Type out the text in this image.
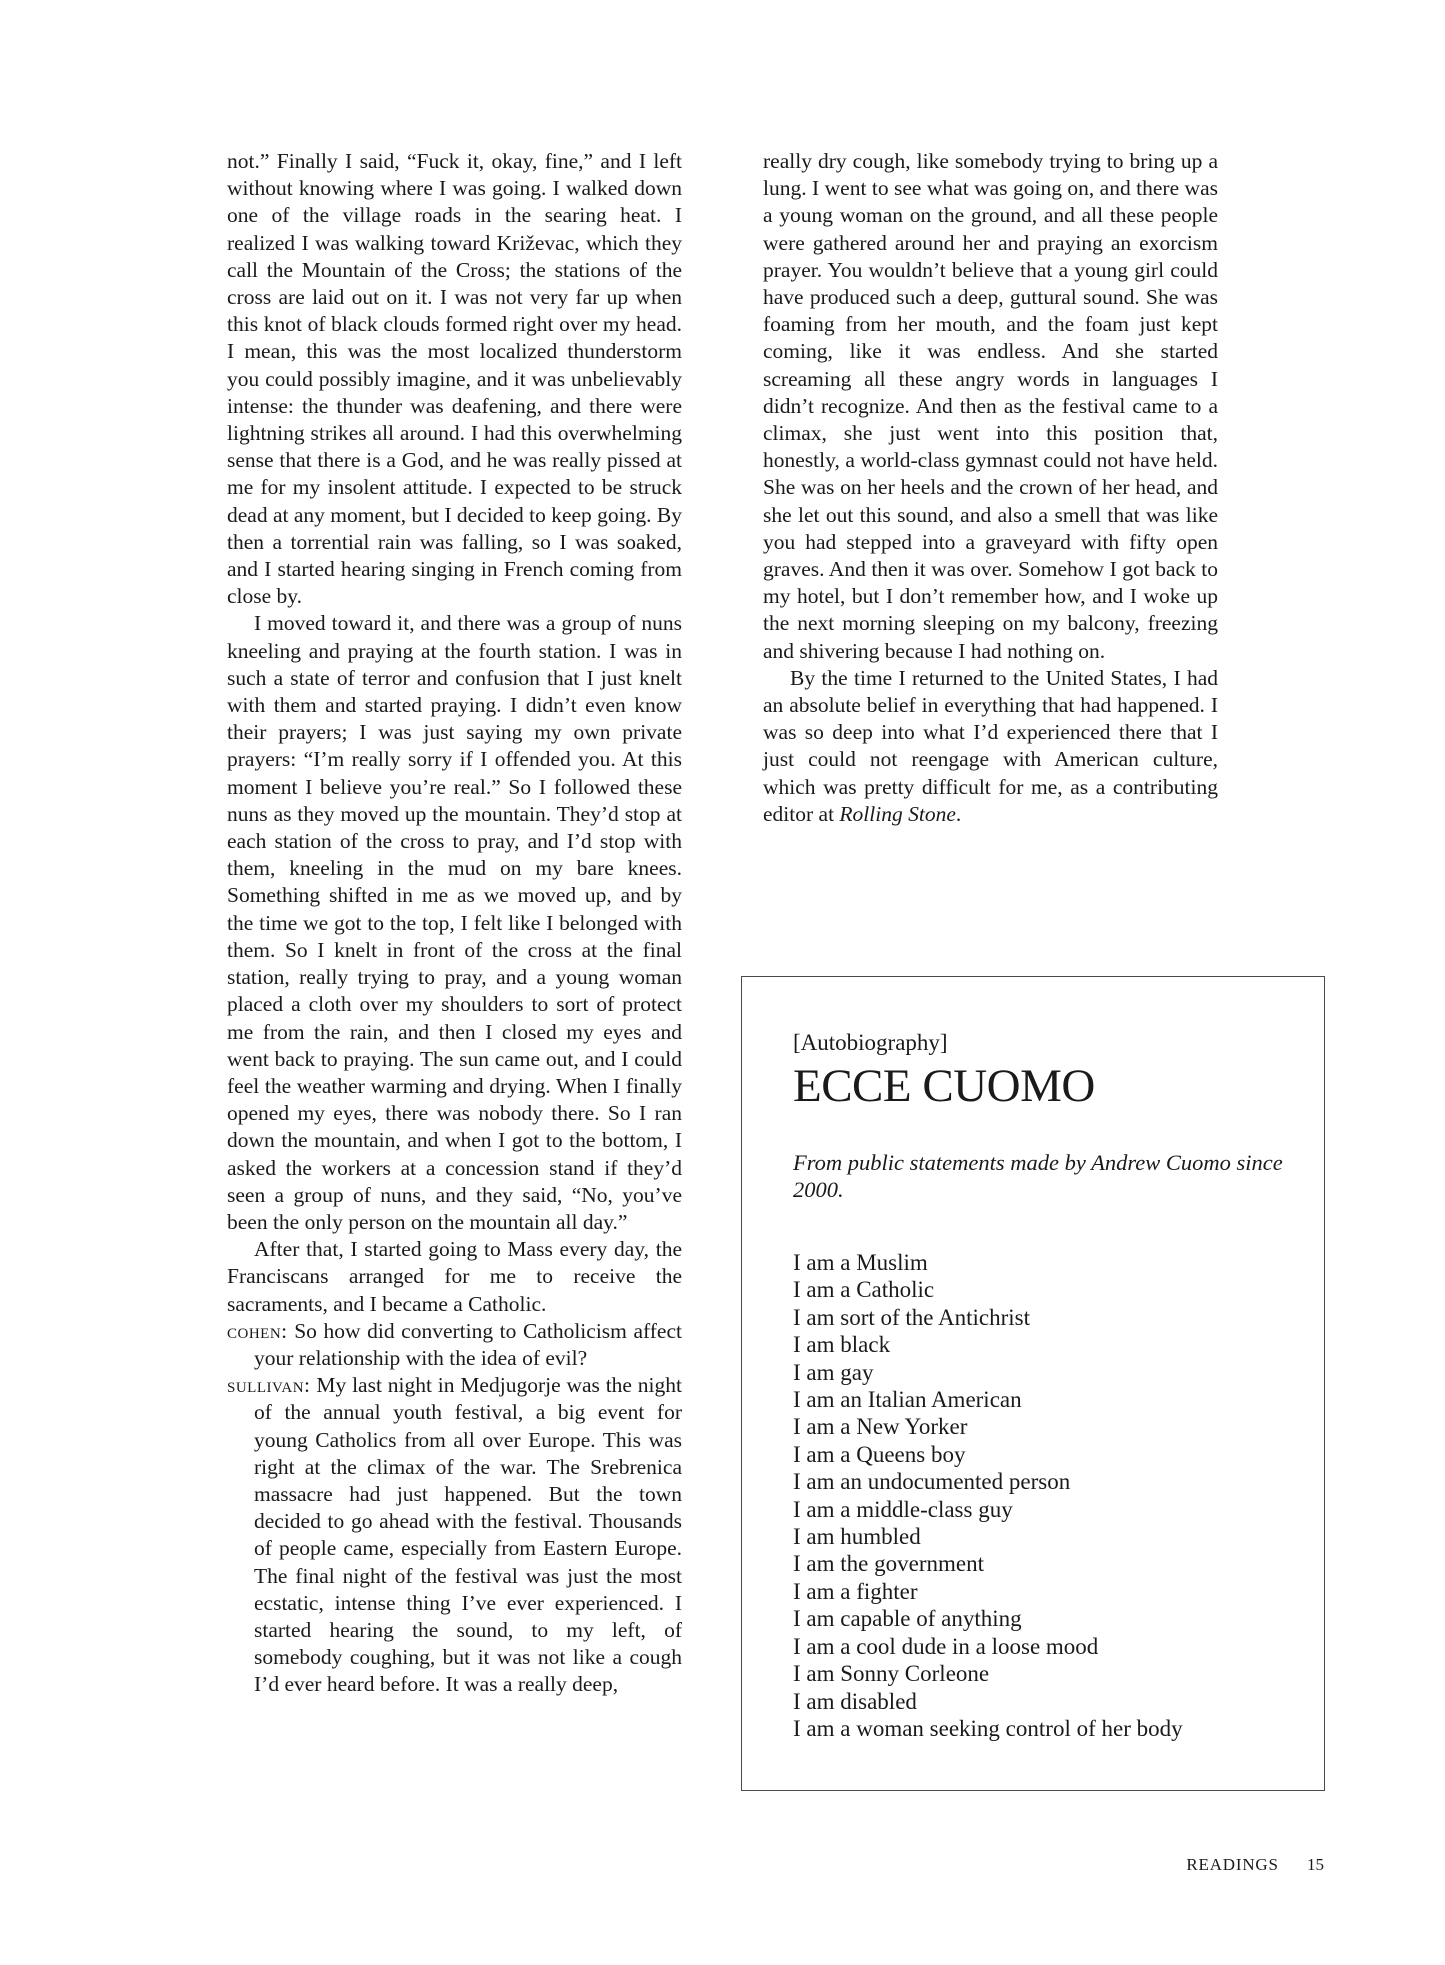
not.” Finally I said, “Fuck it, okay, fine,” and I left without knowing where I was going. I walked down one of the village roads in the searing heat. I realized I was walking toward Križevac, which they call the Mountain of the Cross; the stations of the cross are laid out on it. I was not very far up when this knot of black clouds formed right over my head. I mean, this was the most localized thunderstorm you could possibly imagine, and it was unbelievably intense: the thunder was deafening, and there were lightning strikes all around. I had this overwhelming sense that there is a God, and he was really pissed at me for my insolent attitude. I expected to be struck dead at any moment, but I decided to keep going. By then a torrential rain was falling, so I was soaked, and I started hearing singing in French coming from close by.

I moved toward it, and there was a group of nuns kneeling and praying at the fourth station. I was in such a state of terror and confusion that I just knelt with them and started praying. I didn’t even know their prayers; I was just saying my own private prayers: “I’m really sorry if I offended you. At this moment I believe you’re real.” So I followed these nuns as they moved up the mountain. They’d stop at each station of the cross to pray, and I’d stop with them, kneeling in the mud on my bare knees. Something shifted in me as we moved up, and by the time we got to the top, I felt like I belonged with them. So I knelt in front of the cross at the final station, really trying to pray, and a young woman placed a cloth over my shoulders to sort of protect me from the rain, and then I closed my eyes and went back to praying. The sun came out, and I could feel the weather warming and drying. When I finally opened my eyes, there was nobody there. So I ran down the mountain, and when I got to the bottom, I asked the workers at a concession stand if they’d seen a group of nuns, and they said, “No, you’ve been the only person on the mountain all day.”

After that, I started going to Mass every day, the Franciscans arranged for me to receive the sacraments, and I became a Catholic.

cohen: So how did converting to Catholicism affect your relationship with the idea of evil?

sullivan: My last night in Medjugorje was the night of the annual youth festival, a big event for young Catholics from all over Europe. This was right at the climax of the war. The Srebrenica massacre had just happened. But the town decided to go ahead with the festival. Thousands of people came, especially from Eastern Europe. The final night of the festival was just the most ecstatic, intense thing I’ve ever experienced. I started hearing the sound, to my left, of somebody coughing, but it was not like a cough I’d ever heard before. It was a really deep,

really dry cough, like somebody trying to bring up a lung. I went to see what was going on, and there was a young woman on the ground, and all these people were gathered around her and praying an exorcism prayer. You wouldn’t believe that a young girl could have produced such a deep, guttural sound. She was foaming from her mouth, and the foam just kept coming, like it was endless. And she started screaming all these angry words in languages I didn’t recognize. And then as the festival came to a climax, she just went into this position that, honestly, a world-class gymnast could not have held. She was on her heels and the crown of her head, and she let out this sound, and also a smell that was like you had stepped into a graveyard with fifty open graves. And then it was over. Somehow I got back to my hotel, but I don’t remember how, and I woke up the next morning sleeping on my balcony, freezing and shivering because I had nothing on.

By the time I returned to the United States, I had an absolute belief in everything that had happened. I was so deep into what I’d experienced there that I just could not reengage with American culture, which was pretty difficult for me, as a contributing editor at Rolling Stone.

[Autobiography]
ECCE CUOMO
From public statements made by Andrew Cuomo since 2000.
I am a Muslim
I am a Catholic
I am sort of the Antichrist
I am black
I am gay
I am an Italian American
I am a New Yorker
I am a Queens boy
I am an undocumented person
I am a middle-class guy
I am humbled
I am the government
I am a fighter
I am capable of anything
I am a cool dude in a loose mood
I am Sonny Corleone
I am disabled
I am a woman seeking control of her body
READINGS 15
